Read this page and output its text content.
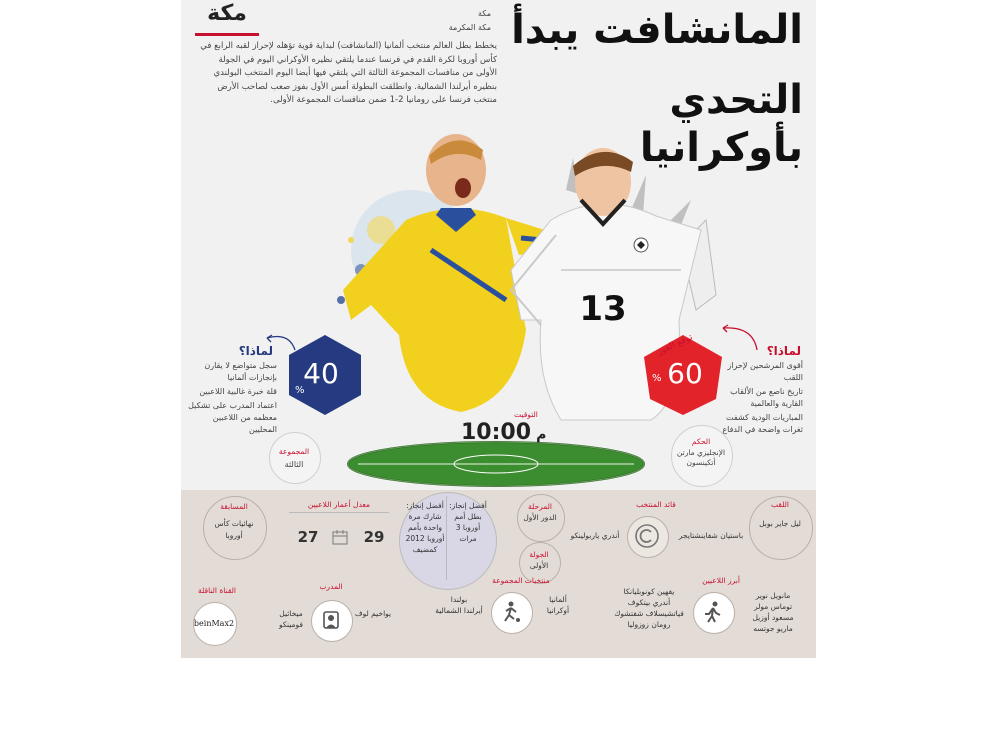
مكة	مكة
مكة المكرمة المانشافت يبدأ
التحدي بأوكرانيا
يخطط بطل العالم منتخب ألمانيا (المانشافت) لبداية قوية تؤهله لإحراز لقبه الرابع في كأس أوروبا لكرة القدم في فرنسا عندما يلتقي نظيره الأوكراني اليوم في الجولة الأولى من منافسات المجموعة الثالثة التي يلتقي فيها أيضا اليوم المنتخب البولندي بنظيره أيرلندا الشمالية. وانطلقت البطولة أمس الأول بفوز صعب لصاحب الأرض منتخب فرنسا على رومانيا 2-1 ضمن منافسات المجموعة الأولى.
13
التوقيت
10:00 م	الحكم
الإنجليزي مارتن أتكينسون
المجموعة
الثالثة
40
%
لماذا؟
سجل متواضع لا يقارن بإنجازات ألمانيا
قلة خبرة غالبية اللاعبين
اعتماد المدرب على تشكيل معظمه من اللاعبين المحليين
60
%
توقع الفوز	لماذا؟
أقوى المرشحين لإحراز اللقب
تاريخ ناصع من الألقاب القارية والعالمية
المباريات الودية كشفت ثغرات واضحة في الدفاع
اللقب
ليل جاير بوبل
قائد المنتخب
باستيان شفاينشتايجر
أندري ياربولينكو
المرحلة
الدور الأول
الجولة
الأولى
أفضل إنجاز: بطل أمم أوروبا 3 مرات
أفضل إنجاز: شارك مرة واحدة بأمم أوروبا 2012 كمضيف
معدل أعمار اللاعبين
29
27
المسابقة
نهائيات كأس أوروبا
أبرز اللاعبين
مانويل نوير
توماس مولر
مسعود أوزيل
ماريو جوتسه
يفهين كونوبليانكا
أندري بيتكوف
فياتشيسلاف شفتشوك
رومان زوزوليا
منتخبات المجموعة
ألمانيا
أوكرانيا
بولندا
أيرلندا الشمالية
المدرب
يواخيم لوف
ميخائيل فومينكو
القناة الناقلة
beinMax2
